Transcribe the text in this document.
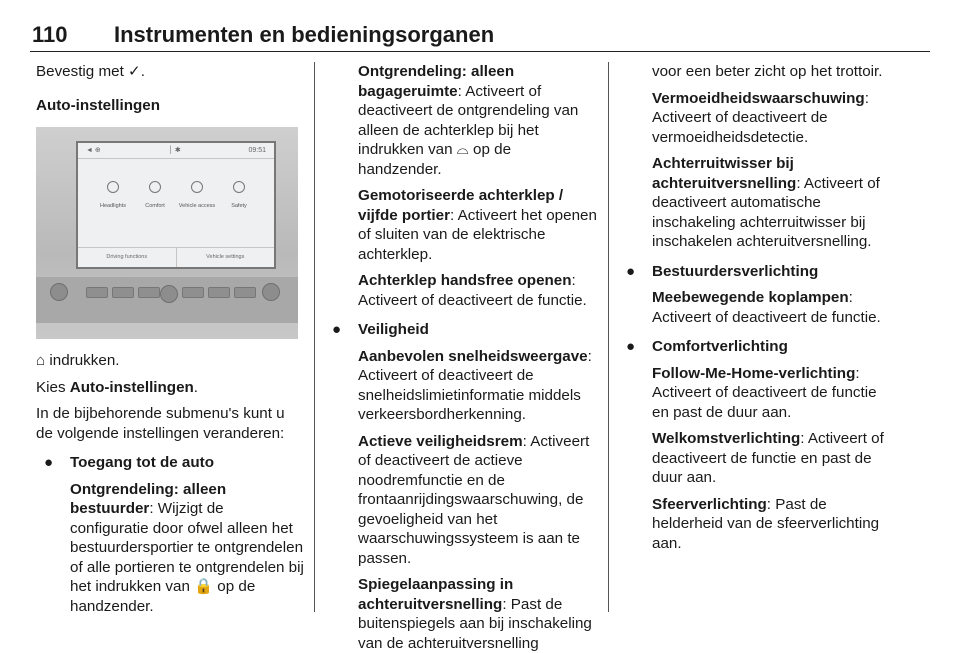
110 Instrumenten en bedieningsorganen

Bevestig met ✓.

Auto-instellingen

◄ ⊕	│ ✱	09:51
Headlights	Comfort	Vehicle access	Safety
Driving functions	Vehicle settings

⌂ indrukken.

Kies Auto-instellingen.

In de bijbehorende submenu's kunt u de volgende instellingen veranderen:

● Toegang tot de auto

Ontgrendeling: alleen bestuurder: Wijzigt de configuratie door ofwel alleen het bestuurdersportier te ontgrendelen of alle portieren te ontgrendelen bij het indrukken van 🔒 op de handzender.

Ontgrendeling: alleen bagageruimte: Activeert of deactiveert de ontgrendeling van alleen de achterklep bij het indrukken van ⌓ op de handzender.

Gemotoriseerde achterklep / vijfde portier: Activeert het openen of sluiten van de elektrische achterklep.

Achterklep handsfree openen: Activeert of deactiveert de functie.

● Veiligheid

Aanbevolen snelheidsweergave: Activeert of deactiveert de snelheidslimietinformatie middels verkeersbordherkenning.

Actieve veiligheidsrem: Activeert of deactiveert de actieve noodremfunctie en de frontaanrijdingswaarschuwing, de gevoeligheid van het waarschuwingssysteem is aan te passen.

Spiegelaanpassing in achteruitversnelling: Past de buitenspiegels aan bij inschakeling van de achteruitversnelling

voor een beter zicht op het trottoir.

Vermoeidheidswaarschuwing: Activeert of deactiveert de vermoeidheidsdetectie.

Achterruitwisser bij achteruitversnelling: Activeert of deactiveert automatische inschakeling achterruitwisser bij inschakelen achteruitversnelling.

● Bestuurdersverlichting

Meebewegende koplampen: Activeert of deactiveert de functie.

● Comfortverlichting

Follow-Me-Home-verlichting: Activeert of deactiveert de functie en past de duur aan.

Welkomstverlichting: Activeert of deactiveert de functie en past de duur aan.

Sfeerverlichting: Past de helderheid van de sfeerverlichting aan.
